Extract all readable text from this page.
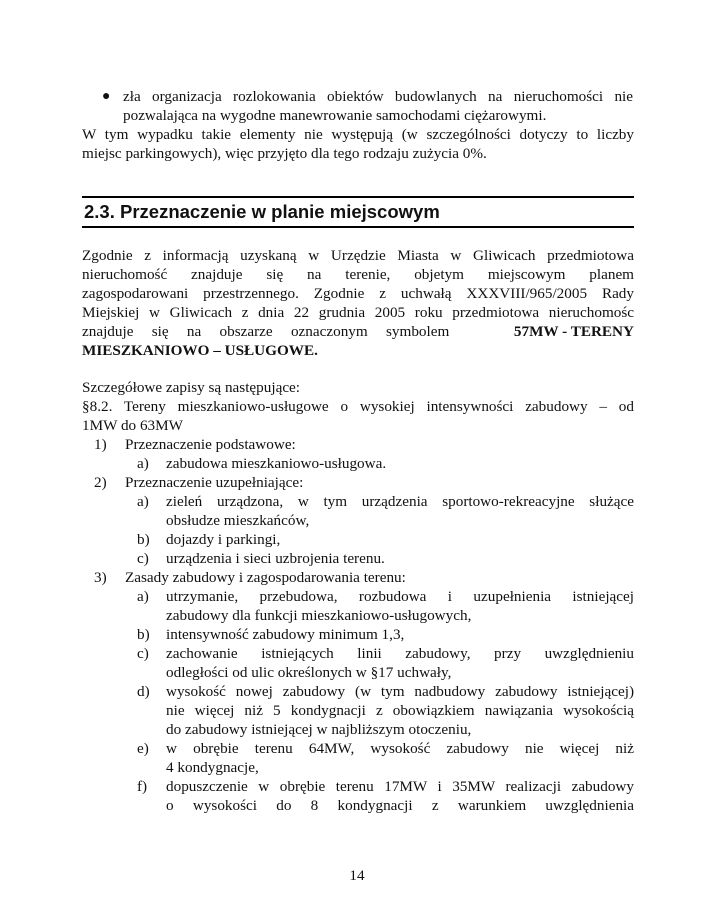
● zła organizacja rozlokowania obiektów budowlanych na nieruchomości nie
pozwalająca na wygodne manewrowanie samochodami ciężarowymi.
W tym wypadku takie elementy nie występują (w szczególności dotyczy to liczby
miejsc parkingowych), więc przyjęto dla tego rodzaju zużycia 0%.
2.3. Przeznaczenie w planie miejscowym
Zgodnie z informacją uzyskaną w Urzędzie Miasta w Gliwicach przedmiotowa
nieruchomość znajduje się na terenie, objetym miejscowym planem
zagospodarowani przestrzennego. Zgodnie z uchwałą XXXVIII/965/2005 Rady
Miejskiej w Gliwicach z dnia 22 grudnia 2005 roku przedmiotowa nieruchomośc
znajduje się na obszarze oznaczonym symbolem	57MW - TERENY

MIESZKANIOWO – USŁUGOWE.
Szczegółowe zapisy są następujące:
§8.2. Tereny mieszkaniowo-usługowe o wysokiej intensywności zabudowy – od
1MW do 63MW
1) Przeznaczenie podstawowe:
a) zabudowa mieszkaniowo-usługowa.
2) Przeznaczenie uzupełniające:
a) zieleń urządzona, w tym urządzenia sportowo-rekreacyjne służące
obsłudze mieszkańców,
b) dojazdy i parkingi,
c) urządzenia i sieci uzbrojenia terenu.
3) Zasady zabudowy i zagospodarowania terenu:
a) utrzymanie, przebudowa, rozbudowa i uzupełnienia istniejącej
zabudowy dla funkcji mieszkaniowo-usługowych,
b) intensywność zabudowy minimum 1,3,
c) zachowanie istniejących linii zabudowy, przy uwzględnieniu
odległości od ulic określonych w §17 uchwały,
d) wysokość nowej zabudowy (w tym nadbudowy zabudowy istniejącej)
nie więcej niż 5 kondygnacji z obowiązkiem nawiązania wysokością
do zabudowy istniejącej w najbliższym otoczeniu,
e) w obrębie terenu 64MW, wysokość zabudowy nie więcej niż
4 kondygnacje,
f) dopuszczenie w obrębie terenu 17MW i 35MW realizacji zabudowy
o wysokości do 8 kondygnacji z warunkiem uwzględnienia
14
